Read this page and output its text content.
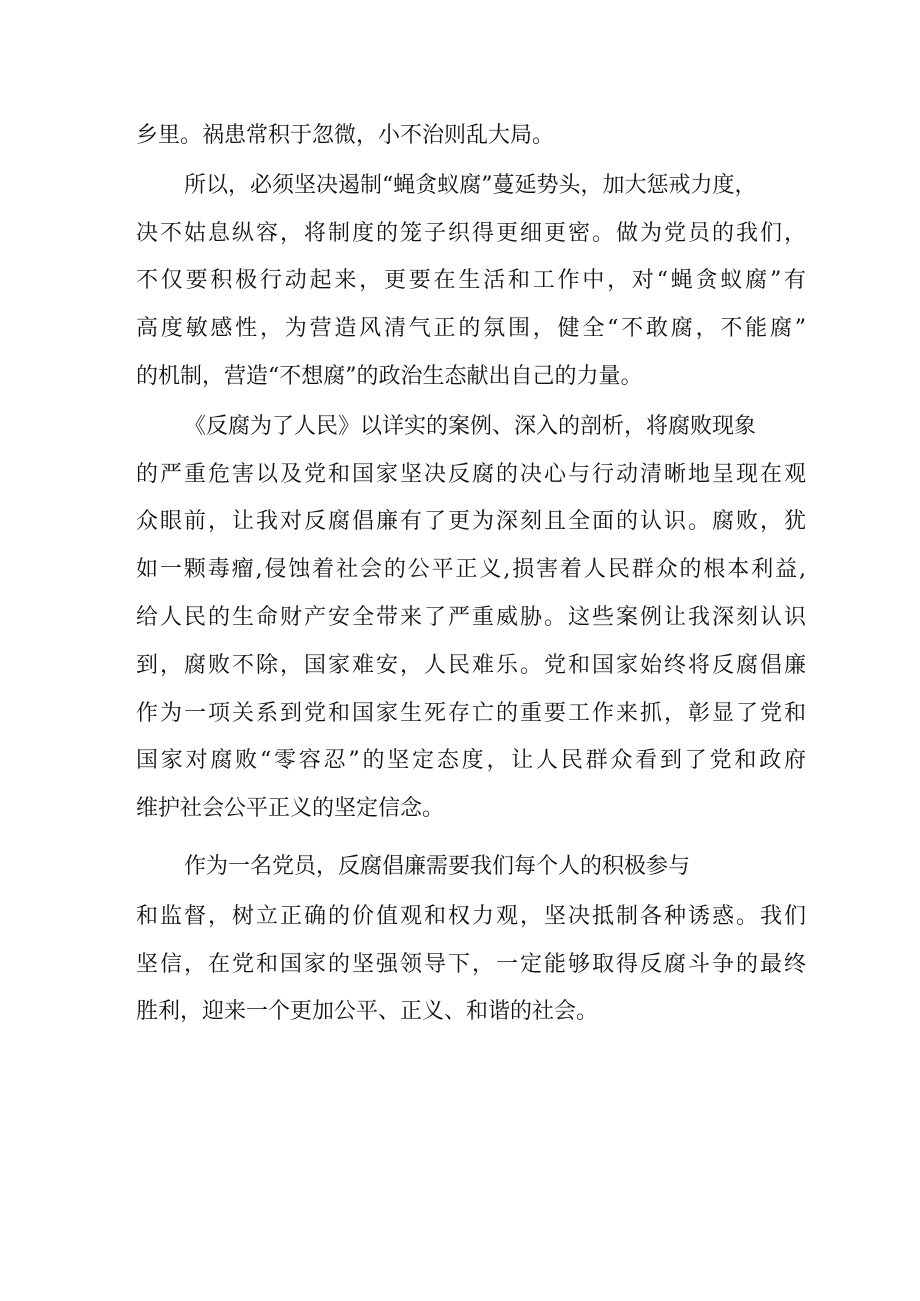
乡里。祸患常积于忽微，小不治则乱大局。
所以，必须坚决遏制“蝇贪蚁腐”蔓延势头，加大惩戒力度，
决不姑息纵容，将制度的笼子织得更细更密。做为党员的我们，
不仅要积极行动起来，更要在生活和工作中，对“蝇贪蚁腐”有
高度敏感性，为营造风清气正的氛围，健全“不敢腐，不能腐”
的机制，营造“不想腐”的政治生态献出自己的力量。
《反腐为了人民》以详实的案例、深入的剖析，将腐败现象
的严重危害以及党和国家坚决反腐的决心与行动清晰地呈现在观
众眼前，让我对反腐倡廉有了更为深刻且全面的认识。腐败，犹
如一颗毒瘤,侵蚀着社会的公平正义,损害着人民群众的根本利益,
给人民的生命财产安全带来了严重威胁。这些案例让我深刻认识
到，腐败不除，国家难安，人民难乐。党和国家始终将反腐倡廉
作为一项关系到党和国家生死存亡的重要工作来抓，彰显了党和
国家对腐败“零容忍”的坚定态度，让人民群众看到了党和政府
维护社会公平正义的坚定信念。
作为一名党员，反腐倡廉需要我们每个人的积极参与
和监督，树立正确的价值观和权力观，坚决抵制各种诱惑。我们
坚信，在党和国家的坚强领导下，一定能够取得反腐斗争的最终
胜利，迎来一个更加公平、正义、和谐的社会。
